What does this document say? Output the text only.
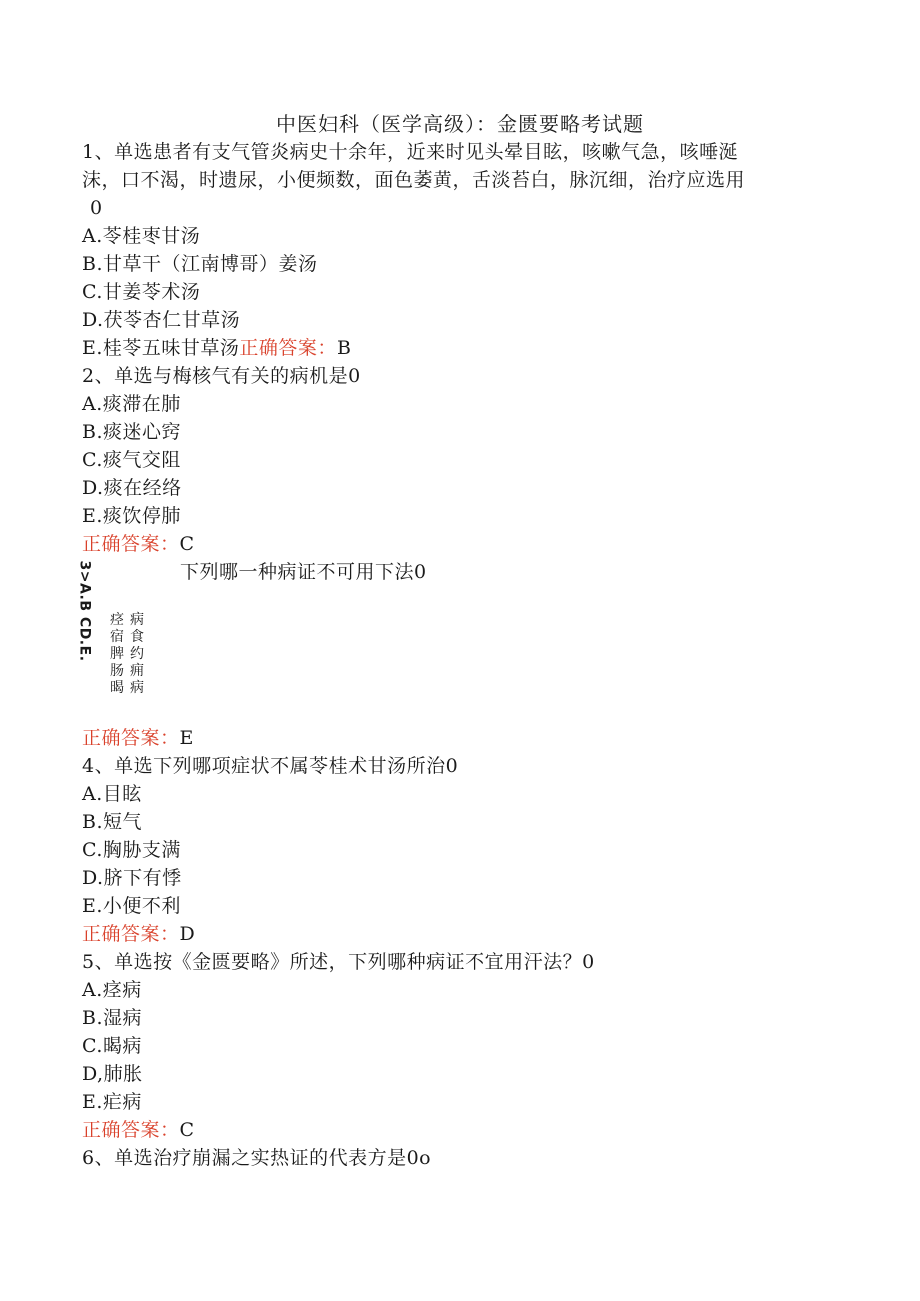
中医妇科（医学高级）：金匮要略考试题
1、单选患者有支气管炎病史十余年，近来时见头晕目眩，咳嗽气急，咳唾涎
沫，口不渴，时遗尿，小便频数，面色萎黄，舌淡苔白，脉沉细，治疗应选用
0
A.苓桂枣甘汤
B.甘草干（江南博哥）姜汤
C.甘姜苓术汤
D.茯苓杏仁甘草汤
E.桂苓五味甘草汤正确答案：B
2、单选与梅核气有关的病机是0
A.痰滞在肺
B.痰迷心窍
C.痰气交阻
D.痰在经络
E.痰饮停肺
正确答案：C
3>A.B CD.E.	下列哪一种病证不可用下法0
痉
宿
脾
肠
暍
病
食
约
痈
病
正确答案：E
4、单选下列哪项症状不属苓桂术甘汤所治0
A.目眩
B.短气
C.胸胁支满
D.脐下有悸
E.小便不利
正确答案：D
5、单选按《金匮要略》所述，下列哪种病证不宜用汗法？0
A.痉病
B.湿病
C.暍病
D,肺胀
E.疟病
正确答案：C
6、单选治疗崩漏之实热证的代表方是0o
